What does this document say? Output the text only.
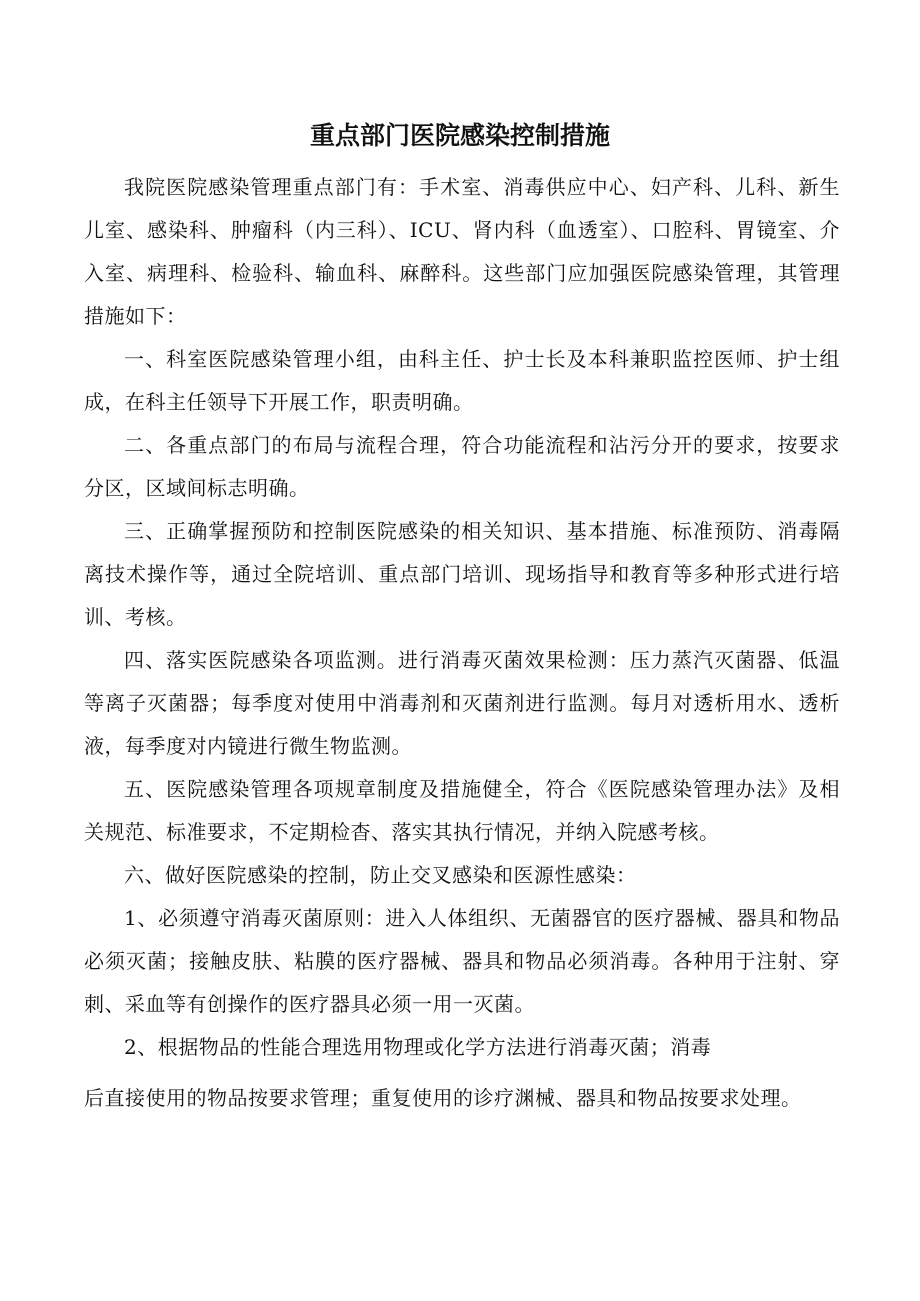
重点部门医院感染控制措施

我院医院感染管理重点部门有：手术室、消毒供应中心、妇产科、儿科、新生儿室、感染科、肿瘤科（内三科）、ICU、肾内科（血透室）、口腔科、胃镜室、介入室、病理科、检验科、输血科、麻醉科。这些部门应加强医院感染管理，其管理措施如下：

一、科室医院感染管理小组，由科主任、护士长及本科兼职监控医师、护士组成，在科主任领导下开展工作，职责明确。

二、各重点部门的布局与流程合理，符合功能流程和沾污分开的要求，按要求分区，区域间标志明确。

三、正确掌握预防和控制医院感染的相关知识、基本措施、标准预防、消毒隔离技术操作等，通过全院培训、重点部门培训、现场指导和教育等多种形式进行培训、考核。

四、落实医院感染各项监测。进行消毒灭菌效果检测：压力蒸汽灭菌器、低温等离子灭菌器；每季度对使用中消毒剂和灭菌剂进行监测。每月对透析用水、透析液，每季度对内镜进行微生物监测。

五、医院感染管理各项规章制度及措施健全，符合《医院感染管理办法》及相关规范、标准要求，不定期检杳、落实其执行情况，并纳入院感考核。

六、做好医院感染的控制，防止交叉感染和医源性感染：

1、必须遵守消毒灭菌原则：进入人体组织、无菌器官的医疗器械、器具和物品必须灭菌；接触皮肤、粘膜的医疗器械、器具和物品必须消毒。各种用于注射、穿刺、采血等有创操作的医疗器具必须一用一灭菌。

2、根据物品的性能合理选用物理或化学方法进行消毒灭菌；消毒

后直接使用的物品按要求管理；重复使用的诊疗渊械、器具和物品按要求处理。
